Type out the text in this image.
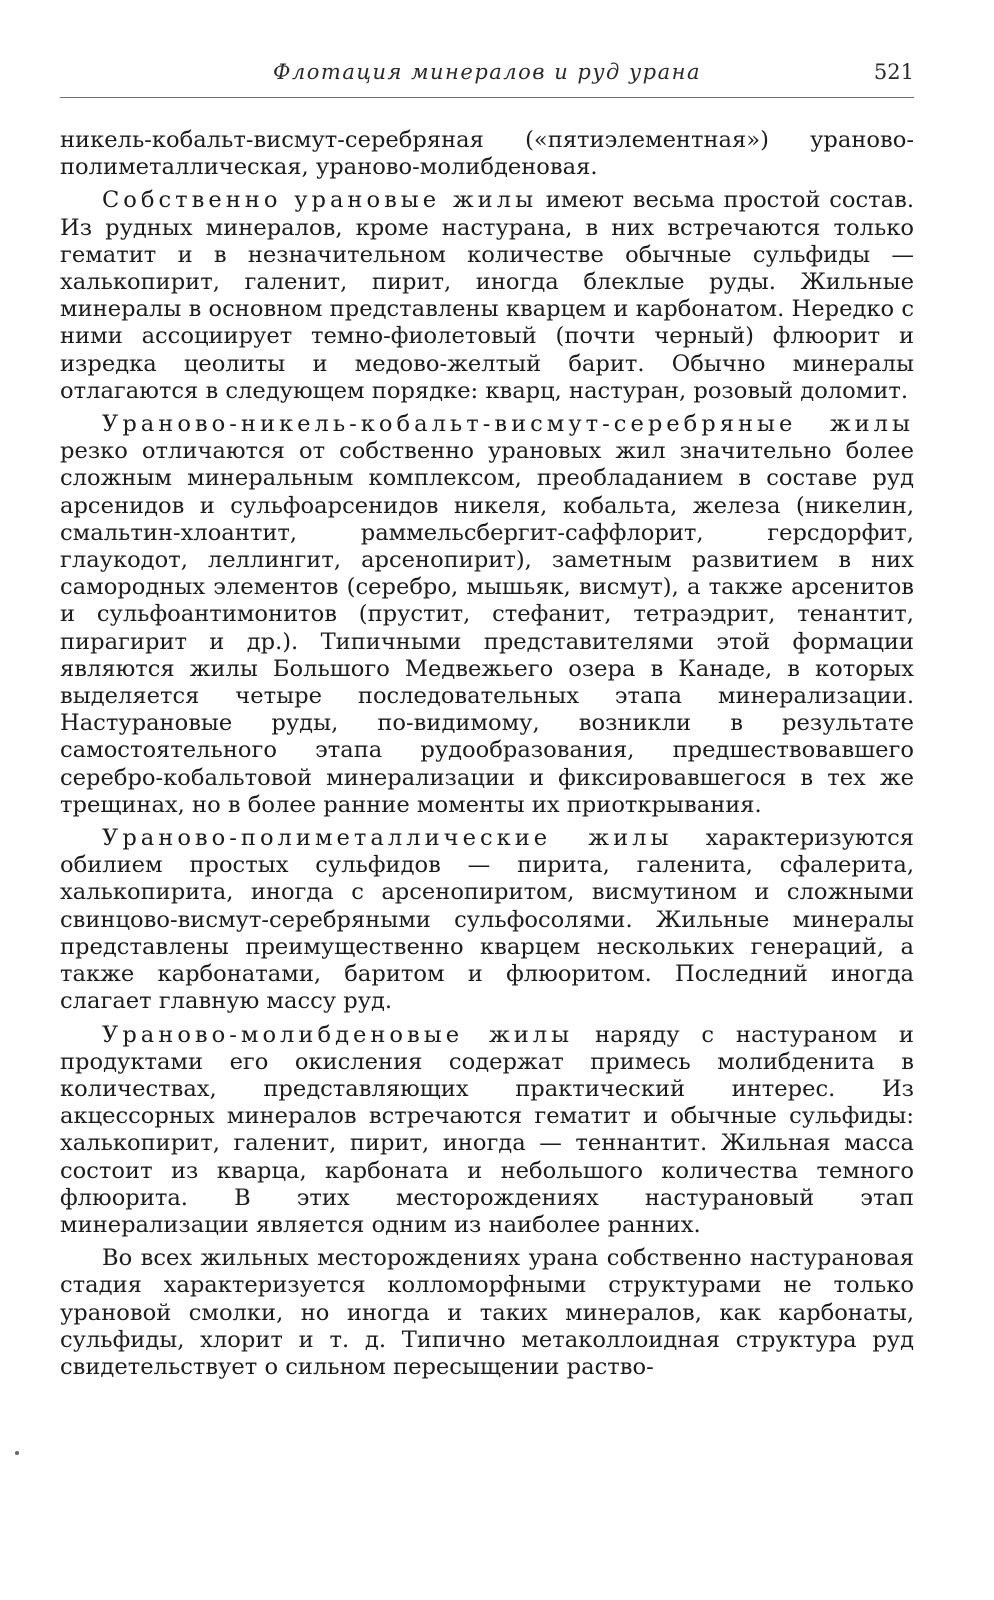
Флотация минералов и руд урана	521

никель-кобальт-висмут-серебряная («пятиэлементная») ураново-полиметаллическая, ураново-молибденовая.

Собственно урановые жилы имеют весьма простой состав. Из рудных минералов, кроме настурана, в них встречаются только гематит и в незначительном количестве обычные сульфиды — халькопирит, галенит, пирит, иногда блеклые руды. Жильные минералы в основном представлены кварцем и карбонатом. Нередко с ними ассоциирует темно-фиолетовый (почти черный) флюорит и изредка цеолиты и медово-желтый барит. Обычно минералы отлагаются в следующем порядке: кварц, настуран, розовый доломит.

Ураново-никель-кобальт-висмут-серебряные жилы резко отличаются от собственно урановых жил значительно более сложным минеральным комплексом, преобладанием в составе руд арсенидов и сульфоарсенидов никеля, кобальта, железа (никелин, смальтин-хлоантит, раммельсбергит-саффлорит, герсдорфит, глаукодот, леллингит, арсенопирит), заметным развитием в них самородных элементов (серебро, мышьяк, висмут), а также арсенитов и сульфоантимонитов (прустит, стефанит, тетраэдрит, тенантит, пирагирит и др.). Типичными представителями этой формации являются жилы Большого Медвежьего озера в Канаде, в которых выделяется четыре последовательных этапа минерализации. Настурановые руды, по-видимому, возникли в результате самостоятельного этапа рудообразования, предшествовавшего серебро-кобальтовой минерализации и фиксировавшегося в тех же трещинах, но в более ранние моменты их приоткрывания.

Ураново-полиметаллические жилы характеризуются обилием простых сульфидов — пирита, галенита, сфалерита, халькопирита, иногда с арсенопиритом, висмутином и сложными свинцово-висмут-серебряными сульфосолями. Жильные минералы представлены преимущественно кварцем нескольких генераций, а также карбонатами, баритом и флюоритом. Последний иногда слагает главную массу руд.

Ураново-молибденовые жилы наряду с настураном и продуктами его окисления содержат примесь молибденита в количествах, представляющих практический интерес. Из акцессорных минералов встречаются гематит и обычные сульфиды: халькопирит, галенит, пирит, иногда — теннантит. Жильная масса состоит из кварца, карбоната и небольшого количества темного флюорита. В этих месторождениях настурановый этап минерализации является одним из наиболее ранних.

Во всех жильных месторождениях урана собственно настурановая стадия характеризуется колломорфными структурами не только урановой смолки, но иногда и таких минералов, как карбонаты, сульфиды, хлорит и т. д. Типично метаколлоидная структура руд свидетельствует о сильном пересыщении раство-
